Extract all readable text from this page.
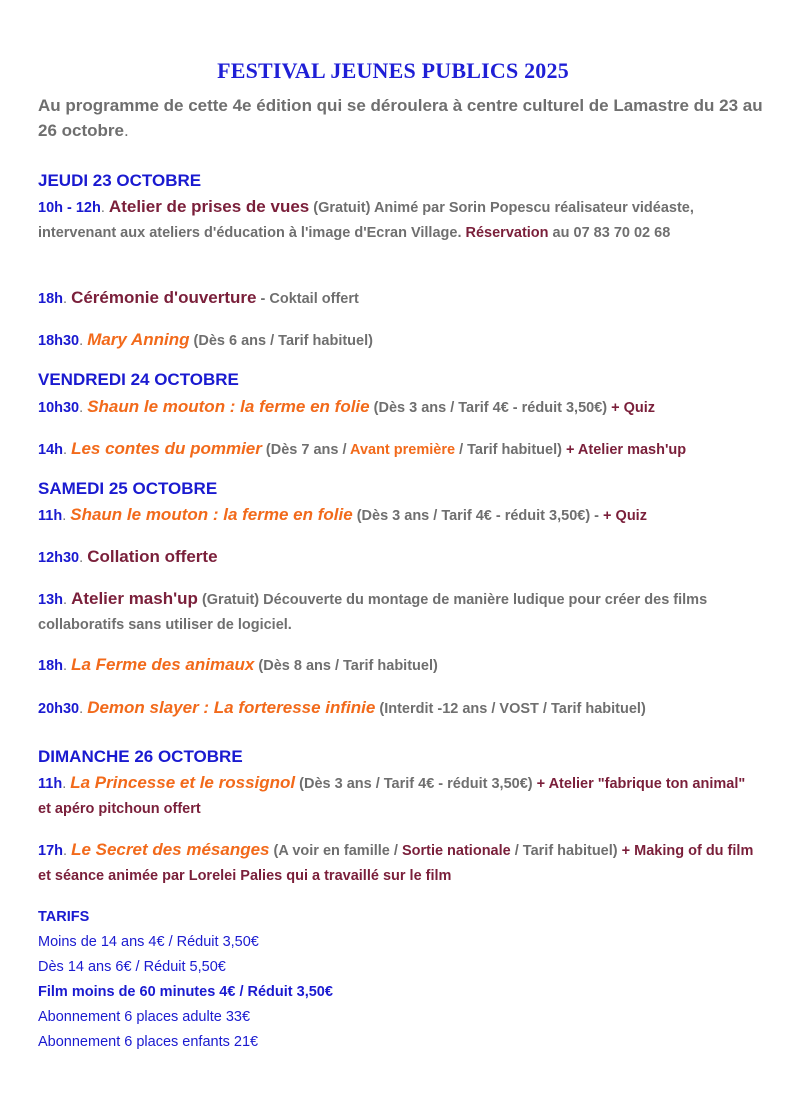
FESTIVAL JEUNES PUBLICS 2025
Au programme de cette 4e édition qui se déroulera à centre culturel de Lamastre du 23 au 26 octobre.
JEUDI 23 OCTOBRE
10h - 12h. Atelier de prises de vues (Gratuit) Animé par Sorin Popescu réalisateur vidéaste, intervenant aux ateliers d'éducation à l'image d'Ecran Village. Réservation au 07 83 70 02 68
18h. Cérémonie d'ouverture - Coktail offert
18h30. Mary Anning (Dès 6 ans / Tarif habituel)
VENDREDI 24 OCTOBRE
10h30. Shaun le mouton : la ferme en folie (Dès 3 ans / Tarif 4€ - réduit 3,50€) + Quiz
14h. Les contes du pommier (Dès 7 ans / Avant première / Tarif habituel) + Atelier mash'up
SAMEDI 25 OCTOBRE
11h. Shaun le mouton : la ferme en folie (Dès 3 ans / Tarif 4€ - réduit 3,50€) - + Quiz
12h30. Collation offerte
13h. Atelier mash'up (Gratuit) Découverte du montage de manière ludique pour créer des films collaboratifs sans utiliser de logiciel.
18h. La Ferme des animaux (Dès 8 ans / Tarif habituel)
20h30. Demon slayer : La forteresse infinie (Interdit -12 ans / VOST / Tarif habituel)
DIMANCHE 26 OCTOBRE
11h. La Princesse et le rossignol (Dès 3 ans / Tarif 4€ - réduit 3,50€) + Atelier "fabrique ton animal" et apéro pitchoun offert
17h. Le Secret des mésanges (A voir en famille / Sortie nationale / Tarif habituel) + Making of du film et séance animée par Lorelei Palies qui a travaillé sur le film
TARIFS
Moins de 14 ans 4€ / Réduit 3,50€
Dès 14 ans 6€ / Réduit 5,50€
Film moins de 60 minutes 4€ / Réduit 3,50€
Abonnement 6 places adulte 33€
Abonnement 6 places enfants 21€
